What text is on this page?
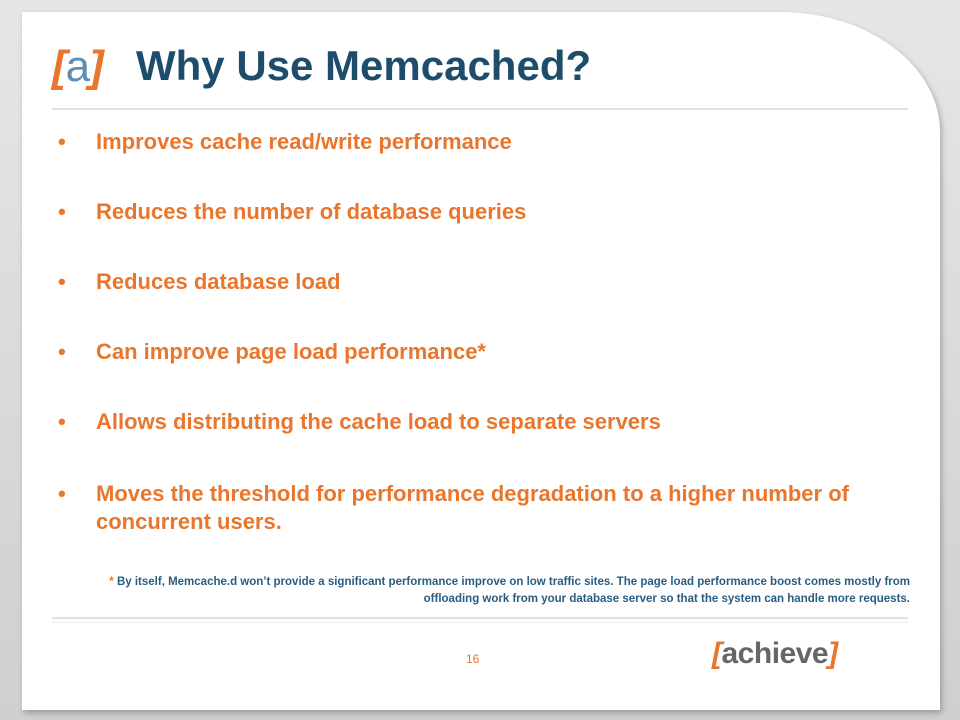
[a] Why Use Memcached?
• Improves cache read/write performance
• Reduces the number of database queries
• Reduces database load
• Can improve page load performance*
• Allows distributing the cache load to separate servers
• Moves the threshold for performance degradation to a higher number of concurrent users.
* By itself, Memcache.d won’t provide a significant performance improve on low traffic sites. The page load performance boost comes mostly from offloading work from your database server so that the system can handle more requests.
16	[achieve]
